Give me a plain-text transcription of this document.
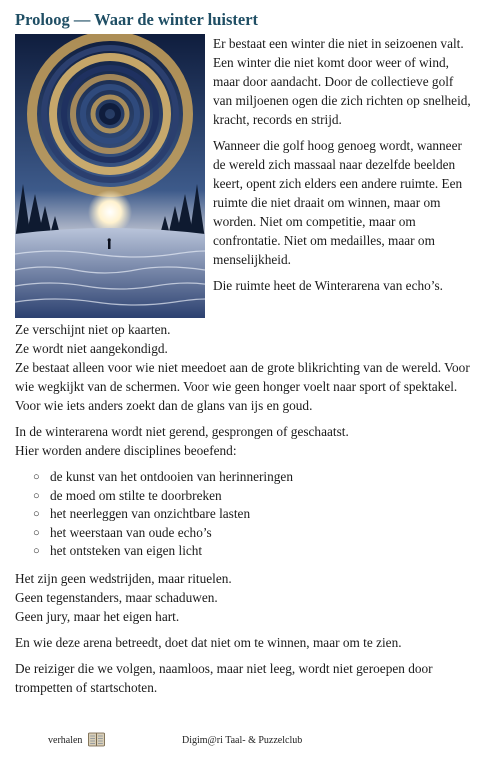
Proloog — Waar de winter luistert

Er bestaat een winter die niet in seizoenen valt.
Een winter die niet komt door weer of wind, maar door aandacht. Door de collectieve golf van miljoenen ogen die zich richten op snelheid, kracht, records en strijd.

Wanneer die golf hoog genoeg wordt, wanneer de wereld zich massaal naar dezelfde beelden keert, opent zich elders een andere ruimte. Een ruimte die niet draait om winnen, maar om worden. Niet om competitie, maar om confrontatie. Niet om medailles, maar om menselijkheid.

Die ruimte heet de Winterarena van echo’s.

Ze verschijnt niet op kaarten.
Ze wordt niet aangekondigd.
Ze bestaat alleen voor wie niet meedoet aan de grote blikrichting van de wereld. Voor wie wegkijkt van de schermen. Voor wie geen honger voelt naar sport of spektakel. Voor wie iets anders zoekt dan de glans van ijs en goud.

In de winterarena wordt niet gerend, gesprongen of geschaatst.
Hier worden andere disciplines beoefend:

○ de kunst van het ontdooien van herinneringen
○ de moed om stilte te doorbreken
○ het neerleggen van onzichtbare lasten
○ het weerstaan van oude echo’s
○ het ontsteken van eigen licht

Het zijn geen wedstrijden, maar rituelen.
Geen tegenstanders, maar schaduwen.
Geen jury, maar het eigen hart.

En wie deze arena betreedt, doet dat niet om te winnen, maar om te zien.

De reiziger die we volgen, naamloos, maar niet leeg, wordt niet geroepen door trompetten of startschoten.

verhalen	Digim@ri Taal- & Puzzelclub
